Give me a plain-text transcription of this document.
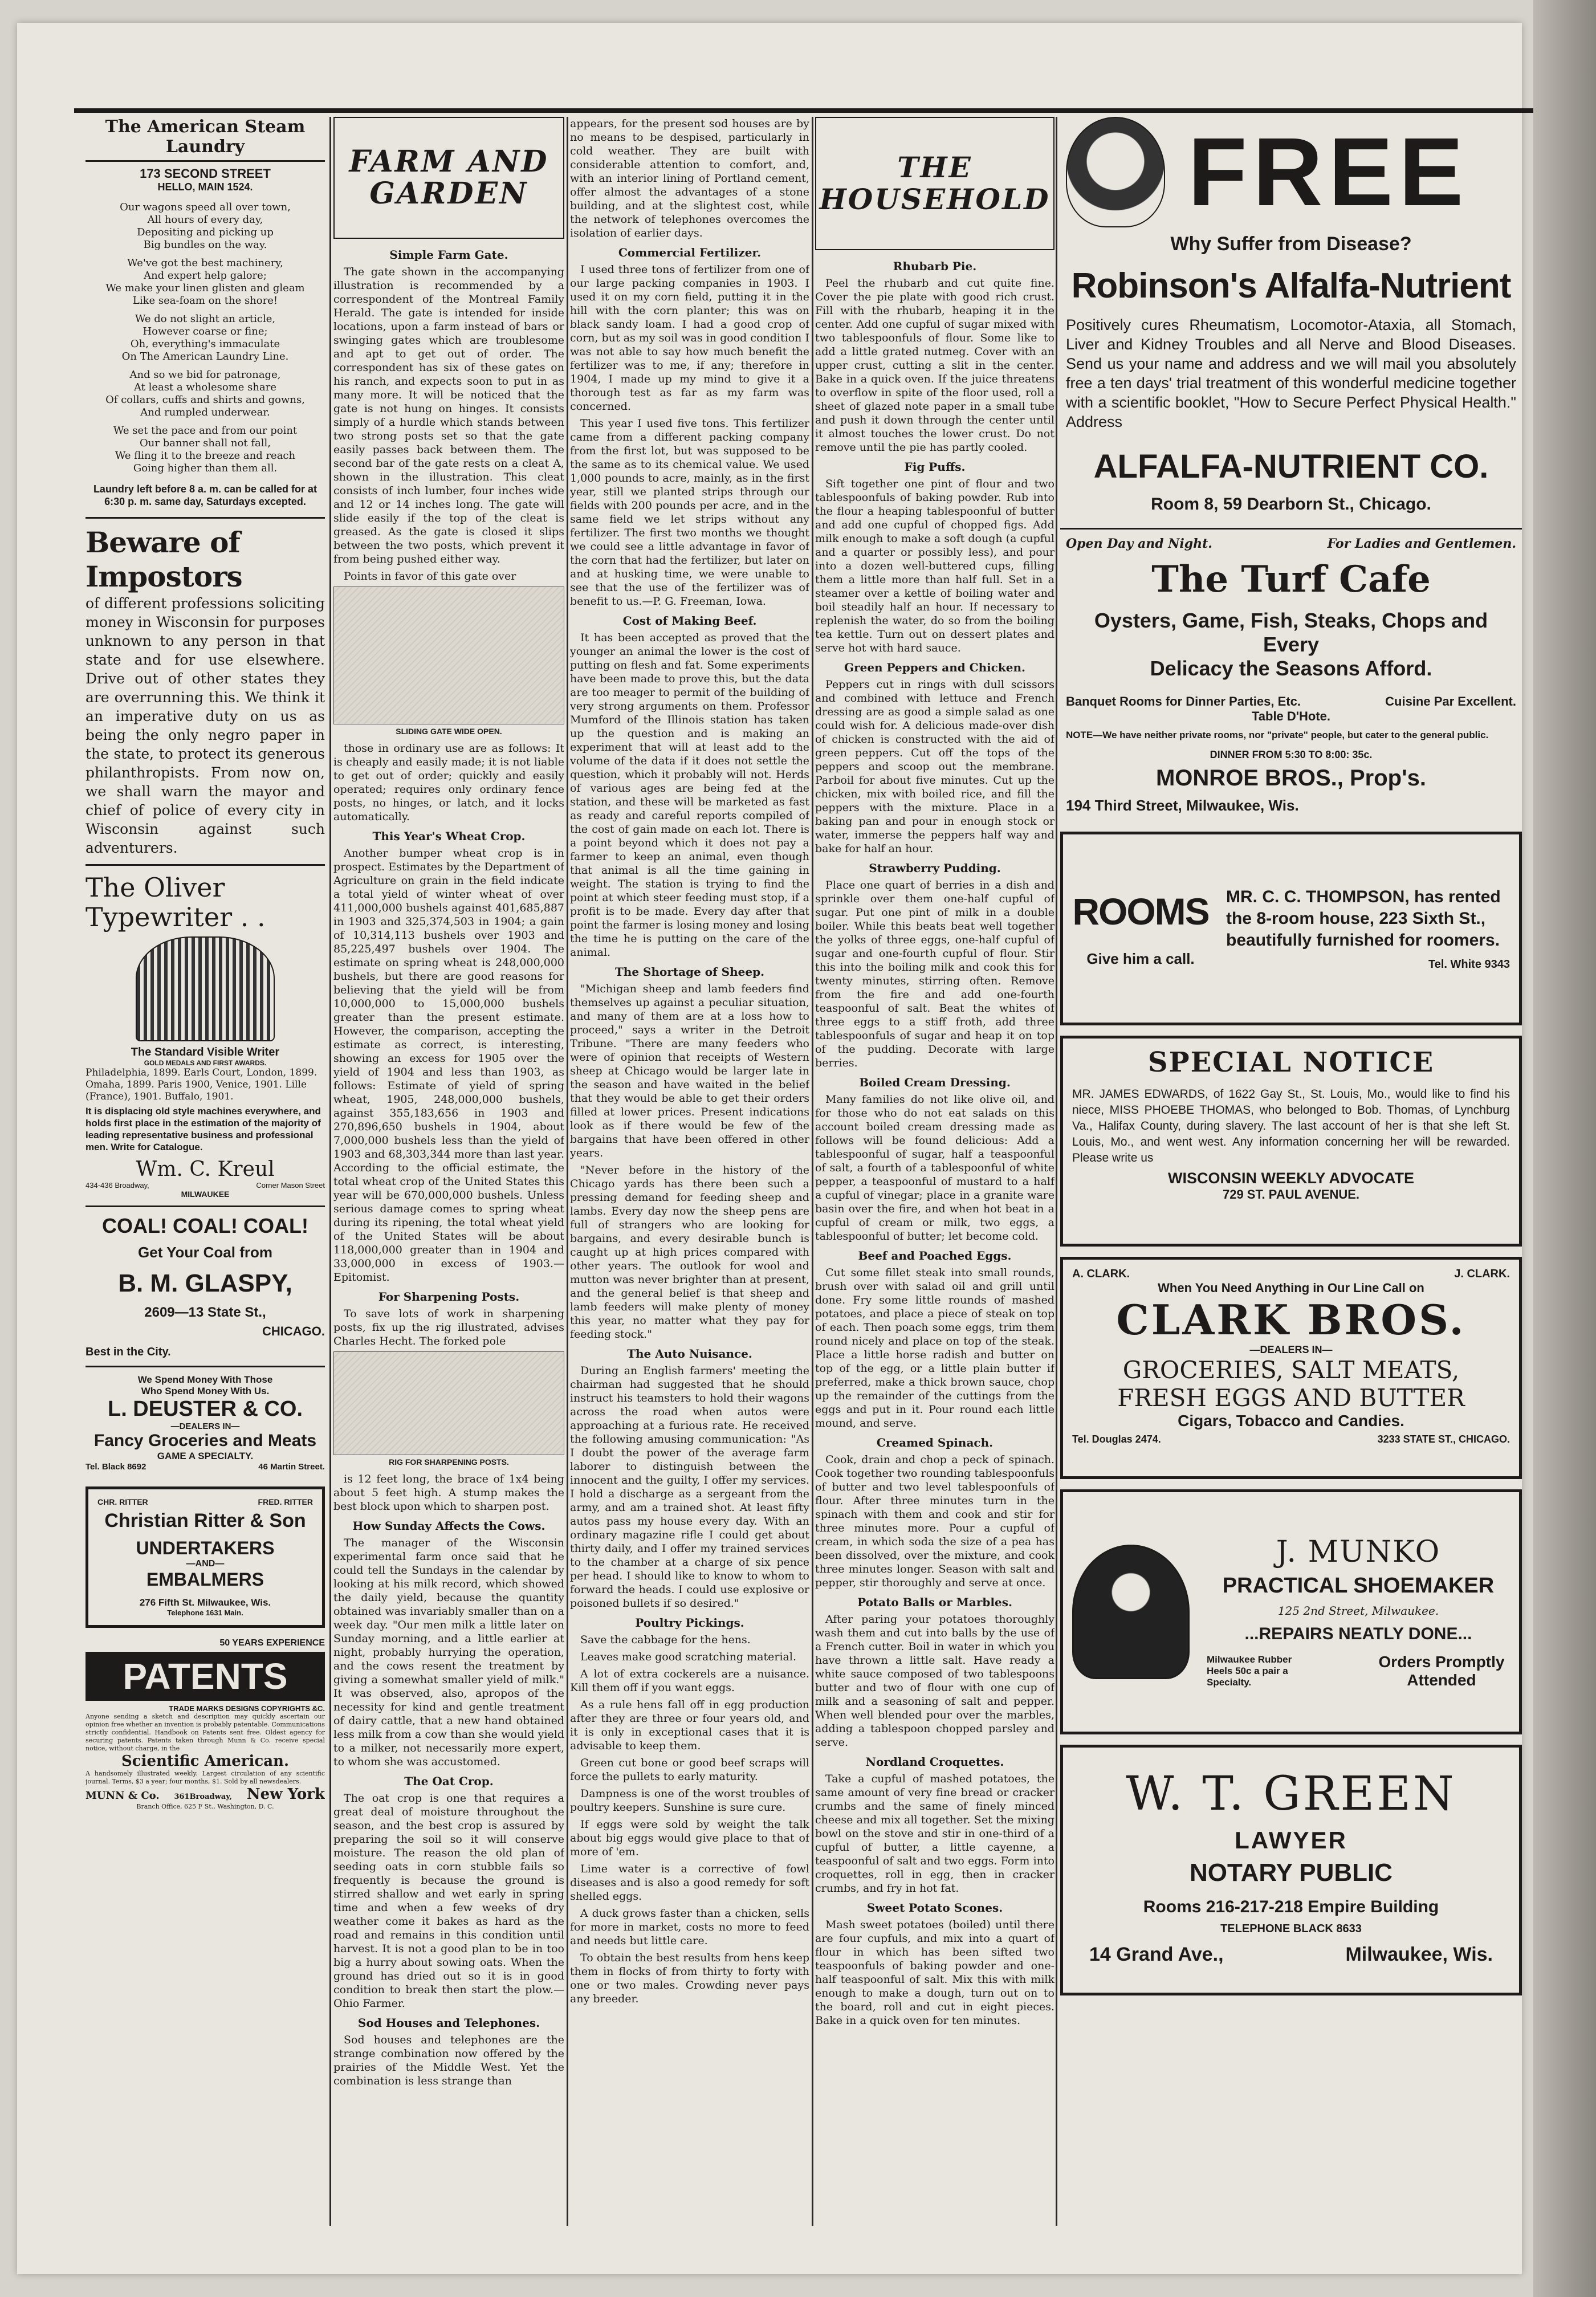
The American Steam Laundry
173 SECOND STREET
HELLO, MAIN 1524.
Our wagons speed all over town,
All hours of every day,
Depositing and picking up
Big bundles on the way.
We've got the best machinery,
And expert help galore;
We make your linen glisten and gleam
Like sea-foam on the shore!
We do not slight an article,
However coarse or fine;
Oh, everything's immaculate
On The American Laundry Line.
And so we bid for patronage,
At least a wholesome share
Of collars, cuffs and shirts and gowns,
And rumpled underwear.
We set the pace and from our point
Our banner shall not fall,
We fling it to the breeze and reach
Going higher than them all.
Laundry left before 8 a. m. can be called for at 6:30 p. m. same day, Saturdays excepted.
Beware of Impostors
of different professions soliciting money in Wisconsin for purposes unknown to any person in that state and for use elsewhere. Drive out of other states they are overrunning this. We think it an imperative duty on us as being the only negro paper in the state, to protect its generous philanthropists. From now on, we shall warn the mayor and chief of police of every city in Wisconsin against such adventurers.
The Oliver Typewriter . .
The Standard Visible Writer
GOLD MEDALS AND FIRST AWARDS.
Philadelphia, 1899. Earls Court, London, 1899. Omaha, 1899. Paris 1900, Venice, 1901. Lille (France), 1901. Buffalo, 1901.
It is displacing old style machines everywhere, and holds first place in the estimation of the majority of leading representative business and professional men. Write for Catalogue.
Wm. C. Kreul
434-436 Broadway,	Corner Mason Street
MILWAUKEE
COAL! COAL! COAL!
Get Your Coal from
B. M. GLASPY,
2609—13 State St.,
CHICAGO.
Best in the City.
We Spend Money With Those
Who Spend Money With Us.
L. DEUSTER & CO.
—DEALERS IN—
Fancy Groceries and Meats
GAME A SPECIALTY.
Tel. Black 8692	46 Martin Street.
CHR. RITTER	FRED. RITTER
Christian Ritter & Son
UNDERTAKERS
—AND—
EMBALMERS
276 Fifth St. Milwaukee, Wis.
Telephone 1631 Main.
50 YEARS EXPERIENCE
PATENTS
TRADE MARKS DESIGNS COPYRIGHTS &C.
Anyone sending a sketch and description may quickly ascertain our opinion free whether an invention is probably patentable. Communications strictly confidential. Handbook on Patents sent free. Oldest agency for securing patents. Patents taken through Munn & Co. receive special notice, without charge, in the
Scientific American.
A handsomely illustrated weekly. Largest circulation of any scientific journal. Terms, $3 a year; four months, $1. Sold by all newsdealers.
MUNN & Co. 361Broadway, New York
Branch Office, 625 F St., Washington, D. C.
FARM AND GARDEN
Simple Farm Gate.

The gate shown in the accompanying illustration is recommended by a correspondent of the Montreal Family Herald. The gate is intended for inside locations, upon a farm instead of bars or swinging gates which are troublesome and apt to get out of order. The correspondent has six of these gates on his ranch, and expects soon to put in as many more. It will be noticed that the gate is not hung on hinges. It consists simply of a hurdle which stands between two strong posts set so that the gate easily passes back between them. The second bar of the gate rests on a cleat A, shown in the illustration. This cleat consists of inch lumber, four inches wide and 12 or 14 inches long. The gate will slide easily if the top of the cleat is greased. As the gate is closed it slips between the two posts, which prevent it from being pushed either way.

Points in favor of this gate over

SLIDING GATE WIDE OPEN.

those in ordinary use are as follows: It is cheaply and easily made; it is not liable to get out of order; quickly and easily operated; requires only ordinary fence posts, no hinges, or latch, and it locks automatically.

This Year's Wheat Crop.

Another bumper wheat crop is in prospect. Estimates by the Department of Agriculture on grain in the field indicate a total yield of winter wheat of over 411,000,000 bushels against 401,685,887 in 1903 and 325,374,503 in 1904; a gain of 10,314,113 bushels over 1903 and 85,225,497 bushels over 1904. The estimate on spring wheat is 248,000,000 bushels, but there are good reasons for believing that the yield will be from 10,000,000 to 15,000,000 bushels greater than the present estimate. However, the comparison, accepting the estimate as correct, is interesting, showing an excess for 1905 over the yield of 1904 and less than 1903, as follows: Estimate of yield of spring wheat, 1905, 248,000,000 bushels, against 355,183,656 in 1903 and 270,896,650 bushels in 1904, about 7,000,000 bushels less than the yield of 1903 and 68,303,344 more than last year. According to the official estimate, the total wheat crop of the United States this year will be 670,000,000 bushels. Unless serious damage comes to spring wheat during its ripening, the total wheat yield of the United States will be about 118,000,000 greater than in 1904 and 33,000,000 in excess of 1903.—Epitomist.

For Sharpening Posts.

To save lots of work in sharpening posts, fix up the rig illustrated, advises Charles Hecht. The forked pole

RIG FOR SHARPENING POSTS.

is 12 feet long, the brace of 1x4 being about 5 feet high. A stump makes the best block upon which to sharpen post.

How Sunday Affects the Cows.

The manager of the Wisconsin experimental farm once said that he could tell the Sundays in the calendar by looking at his milk record, which showed the daily yield, because the quantity obtained was invariably smaller than on a week day. "Our men milk a little later on Sunday morning, and a little earlier at night, probably hurrying the operation, and the cows resent the treatment by giving a somewhat smaller yield of milk." It was observed, also, apropos of the necessity for kind and gentle treatment of dairy cattle, that a new hand obtained less milk from a cow than she would yield to a milker, not necessarily more expert, to whom she was accustomed.

The Oat Crop.

The oat crop is one that requires a great deal of moisture throughout the season, and the best crop is assured by preparing the soil so it will conserve moisture. The reason the old plan of seeding oats in corn stubble fails so frequently is because the ground is stirred shallow and wet early in spring time and when a few weeks of dry weather come it bakes as hard as the road and remains in this condition until harvest. It is not a good plan to be in too big a hurry about sowing oats. When the ground has dried out so it is in good condition to break then start the plow.—Ohio Farmer.

Sod Houses and Telephones.

Sod houses and telephones are the strange combination now offered by the prairies of the Middle West. Yet the combination is less strange than

appears, for the present sod houses are by no means to be despised, particularly in cold weather. They are built with considerable attention to comfort, and, with an interior lining of Portland cement, offer almost the advantages of a stone building, and at the slightest cost, while the network of telephones overcomes the isolation of earlier days.

Commercial Fertilizer.

I used three tons of fertilizer from one of our large packing companies in 1903. I used it on my corn field, putting it in the hill with the corn planter; this was on black sandy loam. I had a good crop of corn, but as my soil was in good condition I was not able to say how much benefit the fertilizer was to me, if any; therefore in 1904, I made up my mind to give it a thorough test as far as my farm was concerned.

This year I used five tons. This fertilizer came from a different packing company from the first lot, but was supposed to be the same as to its chemical value. We used 1,000 pounds to acre, mainly, as in the first year, still we planted strips through our fields with 200 pounds per acre, and in the same field we let strips without any fertilizer. The first two months we thought we could see a little advantage in favor of the corn that had the fertilizer, but later on and at husking time, we were unable to see that the use of the fertilizer was of benefit to us.—P. G. Freeman, Iowa.

Cost of Making Beef.

It has been accepted as proved that the younger an animal the lower is the cost of putting on flesh and fat. Some experiments have been made to prove this, but the data are too meager to permit of the building of very strong arguments on them. Professor Mumford of the Illinois station has taken up the question and is making an experiment that will at least add to the volume of the data if it does not settle the question, which it probably will not. Herds of various ages are being fed at the station, and these will be marketed as fast as ready and careful reports compiled of the cost of gain made on each lot. There is a point beyond which it does not pay a farmer to keep an animal, even though that animal is all the time gaining in weight. The station is trying to find the point at which steer feeding must stop, if a profit is to be made. Every day after that point the farmer is losing money and losing the time he is putting on the care of the animal.

The Shortage of Sheep.

"Michigan sheep and lamb feeders find themselves up against a peculiar situation, and many of them are at a loss how to proceed," says a writer in the Detroit Tribune. "There are many feeders who were of opinion that receipts of Western sheep at Chicago would be larger late in the season and have waited in the belief that they would be able to get their orders filled at lower prices. Present indications look as if there would be few of the bargains that have been offered in other years.

"Never before in the history of the Chicago yards has there been such a pressing demand for feeding sheep and lambs. Every day now the sheep pens are full of strangers who are looking for bargains, and every desirable bunch is caught up at high prices compared with other years. The outlook for wool and mutton was never brighter than at present, and the general belief is that sheep and lamb feeders will make plenty of money this year, no matter what they pay for feeding stock."

The Auto Nuisance.

During an English farmers' meeting the chairman had suggested that he should instruct his teamsters to hold their wagons across the road when autos were approaching at a furious rate. He received the following amusing communication: "As I doubt the power of the average farm laborer to distinguish between the innocent and the guilty, I offer my services. I hold a discharge as a sergeant from the army, and am a trained shot. At least fifty autos pass my house every day. With an ordinary magazine rifle I could get about thirty daily, and I offer my trained services to the chamber at a charge of six pence per head. I should like to know to whom to forward the heads. I could use explosive or poisoned bullets if so desired."

Poultry Pickings.

Save the cabbage for the hens.

Leaves make good scratching material.

A lot of extra cockerels are a nuisance. Kill them off if you want eggs.

As a rule hens fall off in egg production after they are three or four years old, and it is only in exceptional cases that it is advisable to keep them.

Green cut bone or good beef scraps will force the pullets to early maturity.

Dampness is one of the worst troubles of poultry keepers. Sunshine is sure cure.

If eggs were sold by weight the talk about big eggs would give place to that of more of 'em.

Lime water is a corrective of fowl diseases and is also a good remedy for soft shelled eggs.

A duck grows faster than a chicken, sells for more in market, costs no more to feed and needs but little care.

To obtain the best results from hens keep them in flocks of from thirty to forty with one or two males. Crowding never pays any breeder.

THE HOUSEHOLD
Rhubarb Pie.

Peel the rhubarb and cut quite fine. Cover the pie plate with good rich crust. Fill with the rhubarb, heaping it in the center. Add one cupful of sugar mixed with two tablespoonfuls of flour. Some like to add a little grated nutmeg. Cover with an upper crust, cutting a slit in the center. Bake in a quick oven. If the juice threatens to overflow in spite of the floor used, roll a sheet of glazed note paper in a small tube and push it down through the center until it almost touches the lower crust. Do not remove until the pie has partly cooled.

Fig Puffs.

Sift together one pint of flour and two tablespoonfuls of baking powder. Rub into the flour a heaping tablespoonful of butter and add one cupful of chopped figs. Add milk enough to make a soft dough (a cupful and a quarter or possibly less), and pour into a dozen well-buttered cups, filling them a little more than half full. Set in a steamer over a kettle of boiling water and boil steadily half an hour. If necessary to replenish the water, do so from the boiling tea kettle. Turn out on dessert plates and serve hot with hard sauce.

Green Peppers and Chicken.

Peppers cut in rings with dull scissors and combined with lettuce and French dressing are as good a simple salad as one could wish for. A delicious made-over dish of chicken is constructed with the aid of green peppers. Cut off the tops of the peppers and scoop out the membrane. Parboil for about five minutes. Cut up the chicken, mix with boiled rice, and fill the peppers with the mixture. Place in a baking pan and pour in enough stock or water, immerse the peppers half way and bake for half an hour.

Strawberry Pudding.

Place one quart of berries in a dish and sprinkle over them one-half cupful of sugar. Put one pint of milk in a double boiler. While this beats beat well together the yolks of three eggs, one-half cupful of sugar and one-fourth cupful of flour. Stir this into the boiling milk and cook this for twenty minutes, stirring often. Remove from the fire and add one-fourth teaspoonful of salt. Beat the whites of three eggs to a stiff froth, add three tablespoonfuls of sugar and heap it on top of the pudding. Decorate with large berries.

Boiled Cream Dressing.

Many families do not like olive oil, and for those who do not eat salads on this account boiled cream dressing made as follows will be found delicious: Add a tablespoonful of sugar, half a teaspoonful of salt, a fourth of a tablespoonful of white pepper, a teaspoonful of mustard to a half a cupful of vinegar; place in a granite ware basin over the fire, and when hot beat in a cupful of cream or milk, two eggs, a tablespoonful of butter; let become cold.

Beef and Poached Eggs.

Cut some fillet steak into small rounds, brush over with salad oil and grill until done. Fry some little rounds of mashed potatoes, and place a piece of steak on top of each. Then poach some eggs, trim them round nicely and place on top of the steak. Place a little horse radish and butter on top of the egg, or a little plain butter if preferred, make a thick brown sauce, chop up the remainder of the cuttings from the eggs and put in it. Pour round each little mound, and serve.

Creamed Spinach.

Cook, drain and chop a peck of spinach. Cook together two rounding tablespoonfuls of butter and two level tablespoonfuls of flour. After three minutes turn in the spinach with them and cook and stir for three minutes more. Pour a cupful of cream, in which soda the size of a pea has been dissolved, over the mixture, and cook three minutes longer. Season with salt and pepper, stir thoroughly and serve at once.

Potato Balls or Marbles.

After paring your potatoes thoroughly wash them and cut into balls by the use of a French cutter. Boil in water in which you have thrown a little salt. Have ready a white sauce composed of two tablespoons butter and two of flour with one cup of milk and a seasoning of salt and pepper. When well blended pour over the marbles, adding a tablespoon chopped parsley and serve.

Nordland Croquettes.

Take a cupful of mashed potatoes, the same amount of very fine bread or cracker crumbs and the same of finely minced cheese and mix all together. Set the mixing bowl on the stove and stir in one-third of a cupful of butter, a little cayenne, a teaspoonful of salt and two eggs. Form into croquettes, roll in egg, then in cracker crumbs, and fry in hot fat.

Sweet Potato Scones.

Mash sweet potatoes (boiled) until there are four cupfuls, and mix into a quart of flour in which has been sifted two teaspoonfuls of baking powder and one-half teaspoonful of salt. Mix this with milk enough to make a dough, turn out on to the board, roll and cut in eight pieces. Bake in a quick oven for ten minutes.

FREE
Why Suffer from Disease?
Robinson's Alfalfa-Nutrient
Positively cures Rheumatism, Locomotor-Ataxia, all Stomach, Liver and Kidney Troubles and all Nerve and Blood Diseases. Send us your name and address and we will mail you absolutely free a ten days' trial treatment of this wonderful medicine together with a scientific booklet, "How to Secure Perfect Physical Health." Address
ALFALFA-NUTRIENT CO.
Room 8, 59 Dearborn St., Chicago.
Open Day and Night.	For Ladies and Gentlemen.
The Turf Cafe
Oysters, Game, Fish, Steaks, Chops and Every
Delicacy the Seasons Afford.
Banquet Rooms for Dinner Parties, Etc.	Cuisine Par Excellent.
Table D'Hote.
NOTE—We have neither private rooms, nor "private" people, but cater to the general public.
DINNER FROM 5:30 TO 8:00: 35c.
MONROE BROS., Prop's.
194 Third Street, Milwaukee, Wis.
ROOMS
Give him a call.
MR. C. C. THOMPSON, has rented the 8-room house, 223 Sixth St., beautifully furnished for roomers.
Tel. White 9343
SPECIAL NOTICE
MR. JAMES EDWARDS, of 1622 Gay St., St. Louis, Mo., would like to find his niece, MISS PHOEBE THOMAS, who belonged to Bob. Thomas, of Lynchburg Va., Halifax County, during slavery. The last account of her is that she left St. Louis, Mo., and went west. Any information concerning her will be rewarded. Please write us
WISCONSIN WEEKLY ADVOCATE
729 ST. PAUL AVENUE.
A. CLARK.	J. CLARK.
When You Need Anything in Our Line Call on
CLARK BROS.
—DEALERS IN—
GROCERIES, SALT MEATS,
FRESH EGGS AND BUTTER
Cigars, Tobacco and Candies.
Tel. Douglas 2474.	3233 STATE ST., CHICAGO.
J. MUNKO
PRACTICAL SHOEMAKER
125 2nd Street, Milwaukee.
...REPAIRS NEATLY DONE...
Milwaukee Rubber Heels 50c a pair a Specialty.
Orders Promptly Attended
W. T. GREEN
LAWYER
NOTARY PUBLIC
Rooms 216-217-218 Empire Building
TELEPHONE BLACK 8633
14 Grand Ave.,	Milwaukee, Wis.
